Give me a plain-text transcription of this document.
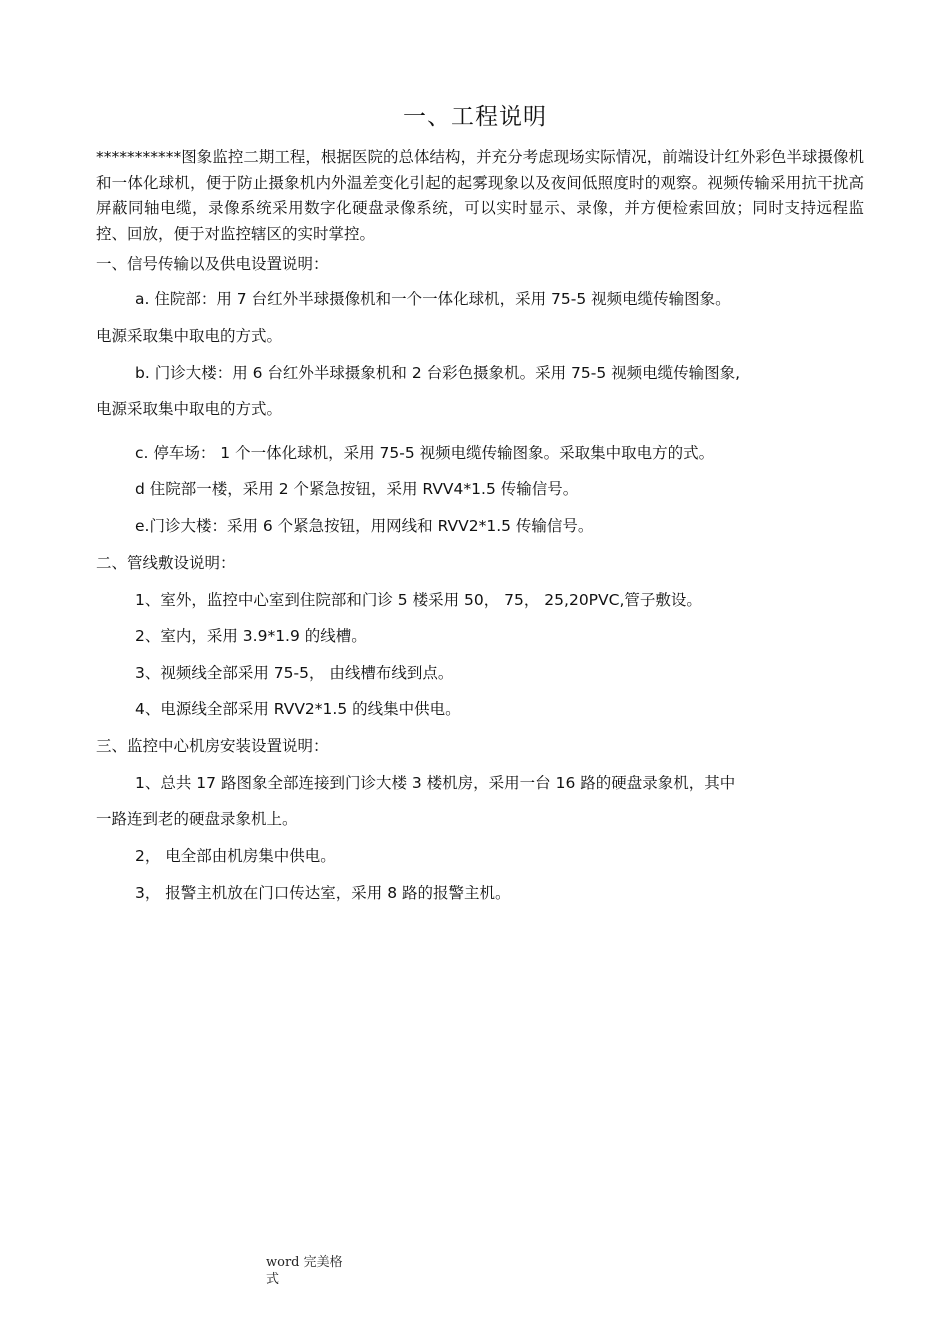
一、工程说明

***********图象监控二期工程，根据医院的总体结构，并充分考虑现场实际情况，前端设计红外彩色半球摄像机和一体化球机，便于防止摄象机内外温差变化引起的起雾现象以及夜间低照度时的观察。视频传输采用抗干扰高屏蔽同轴电缆，录像系统采用数字化硬盘录像系统，可以实时显示、录像，并方便检索回放；同时支持远程监控、回放，便于对监控辖区的实时掌控。

一、信号传输以及供电设置说明：

a. 住院部：用 7 台红外半球摄像机和一个一体化球机，采用 75-5 视频电缆传输图象。

电源采取集中取电的方式。

b. 门诊大楼：用 6 台红外半球摄象机和 2 台彩色摄象机。采用 75-5 视频电缆传输图象,

电源采取集中取电的方式。

c. 停车场： 1 个一体化球机，采用 75-5 视频电缆传输图象。采取集中取电方的式。

d 住院部一楼，采用 2 个紧急按钮，采用 RVV4*1.5 传输信号。

e.门诊大楼：采用 6 个紧急按钮，用网线和 RVV2*1.5 传输信号。

二、管线敷设说明：

1、室外，监控中心室到住院部和门诊 5 楼采用 50， 75， 25,20PVC,管子敷设。

2、室内，采用 3.9*1.9 的线槽。

3、视频线全部采用 75-5， 由线槽布线到点。

4、电源线全部采用 RVV2*1.5 的线集中供电。

三、监控中心机房安装设置说明：

1、总共 17 路图象全部连接到门诊大楼 3 楼机房，采用一台 16 路的硬盘录象机，其中

一路连到老的硬盘录象机上。

2， 电全部由机房集中供电。

3， 报警主机放在门口传达室，采用 8 路的报警主机。

word 完美格
式
